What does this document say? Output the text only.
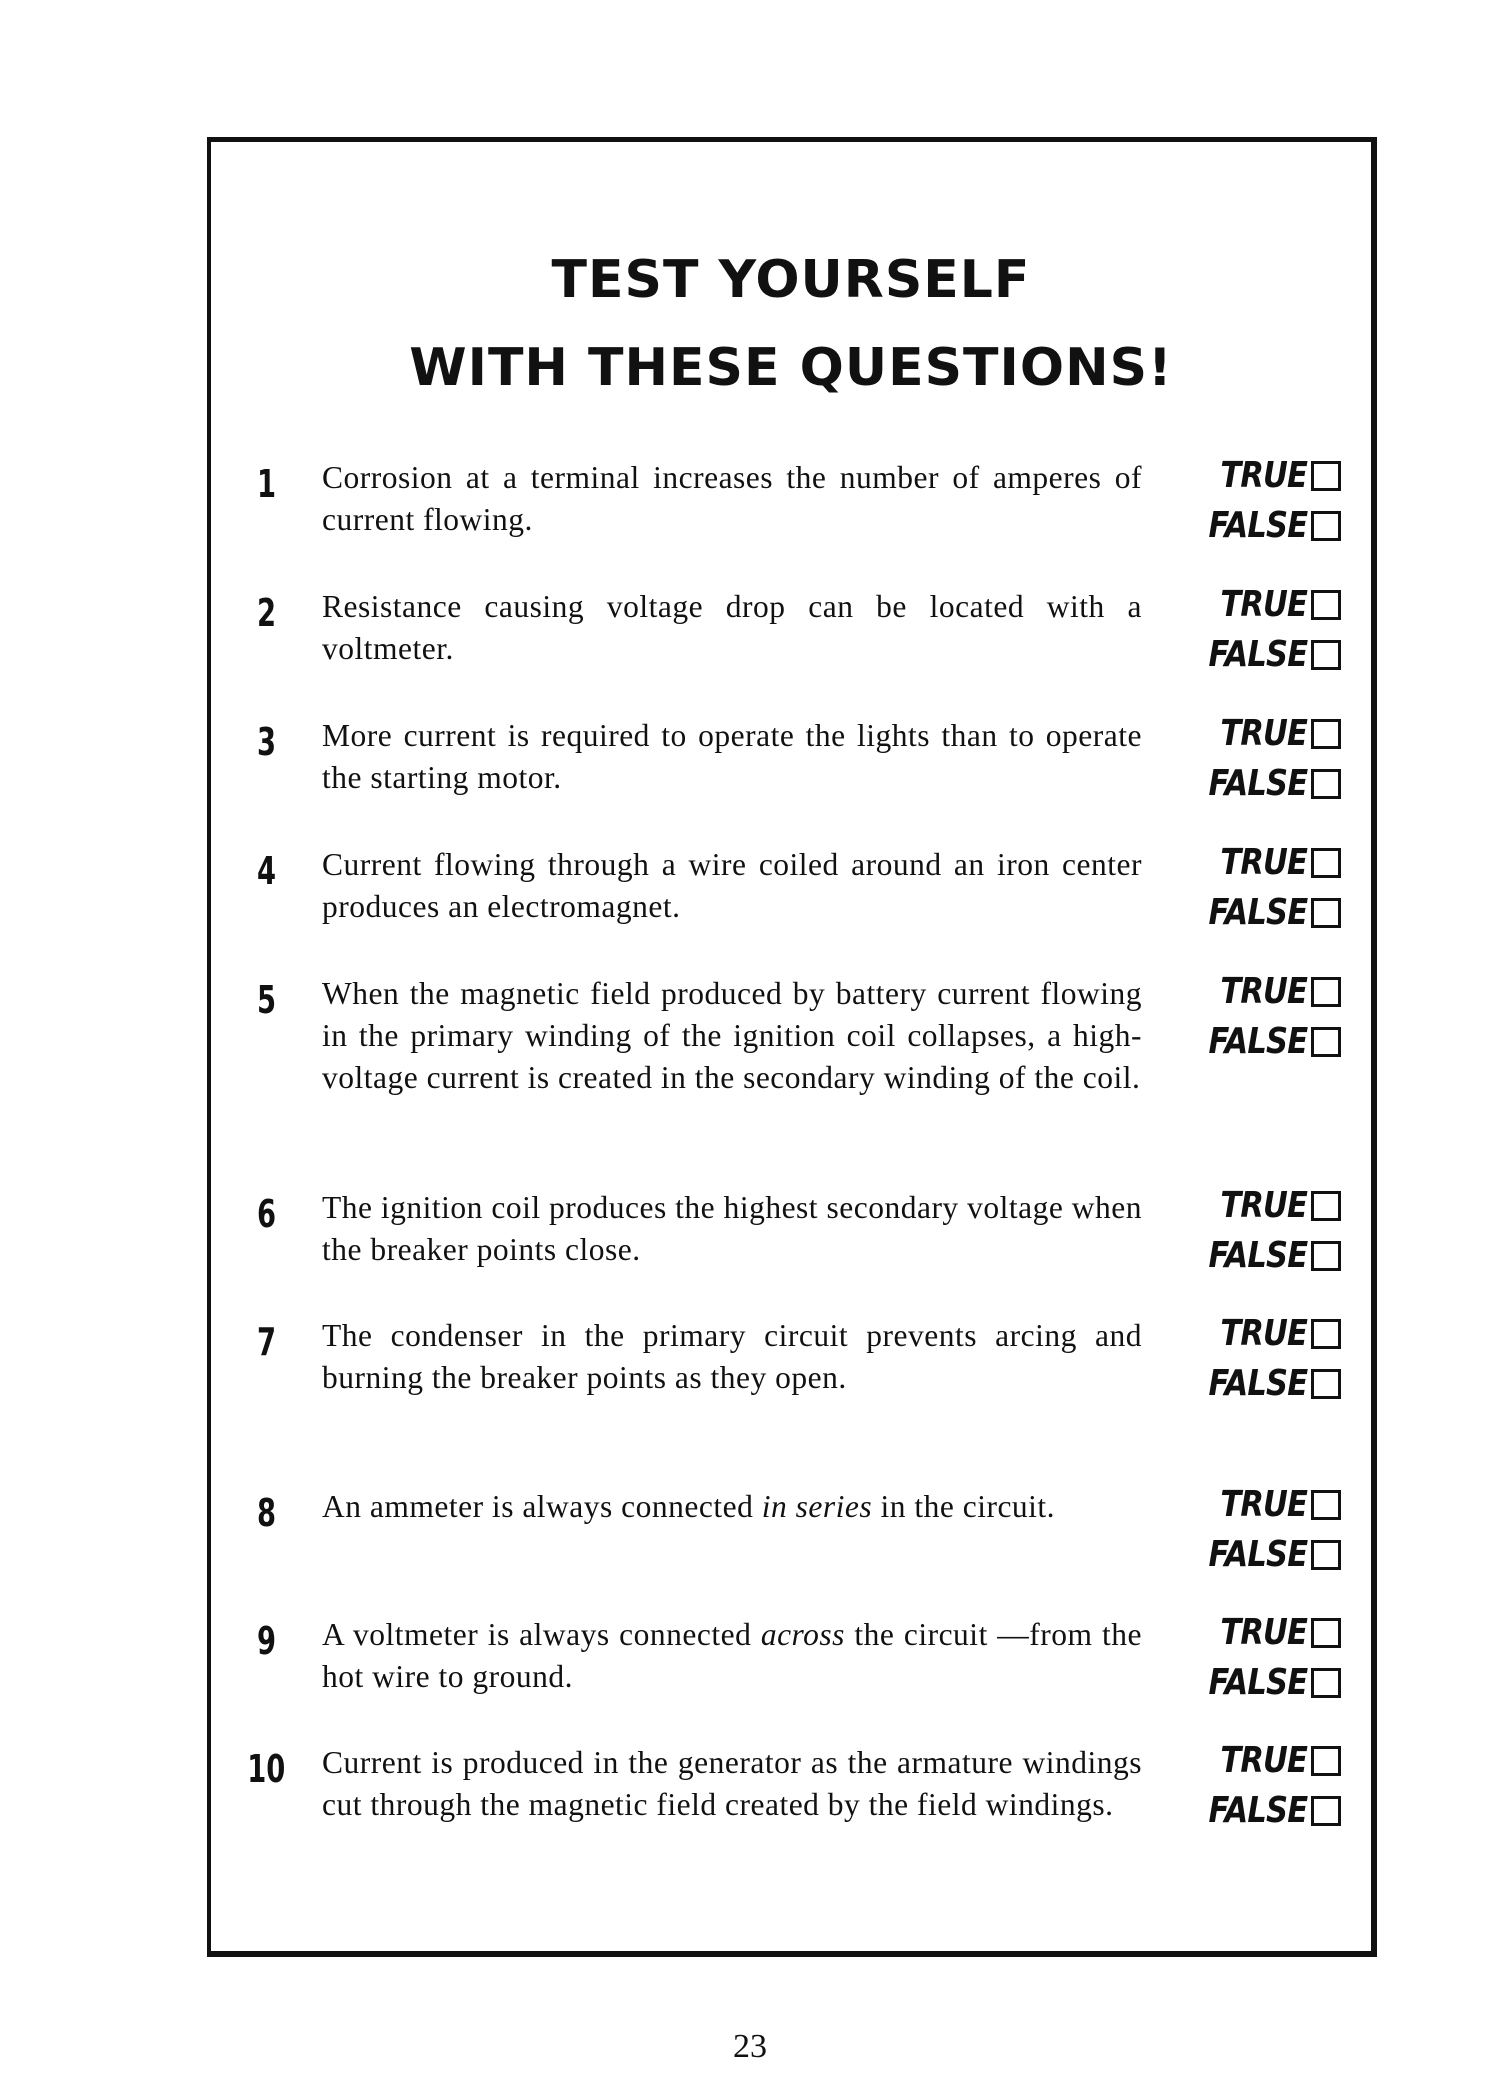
TEST YOURSELF
WITH THESE QUESTIONS!
1 Corrosion at a terminal increases the number of amperes of current flowing.
TRUE
FALSE
2 Resistance causing voltage drop can be located with a voltmeter.
TRUE
FALSE
3 More current is required to operate the lights than to operate the starting motor.
TRUE
FALSE
4 Current flowing through a wire coiled around an iron center produces an electromagnet.
TRUE
FALSE
5 When the magnetic field produced by battery current flowing in the primary winding of the ignition coil collapses, a high-voltage current is created in the secondary winding of the coil.
TRUE
FALSE
6 The ignition coil produces the highest secondary voltage when the breaker points close.
TRUE
FALSE
7 The condenser in the primary circuit prevents arcing and burning the breaker points as they open.
TRUE
FALSE
8 An ammeter is always connected in series in the circuit.	TRUE
FALSE
9 A voltmeter is always connected across the circuit —from the hot wire to ground.
TRUE
FALSE
10 Current is produced in the generator as the armature windings cut through the magnetic field created by the field windings.
TRUE
FALSE
23
